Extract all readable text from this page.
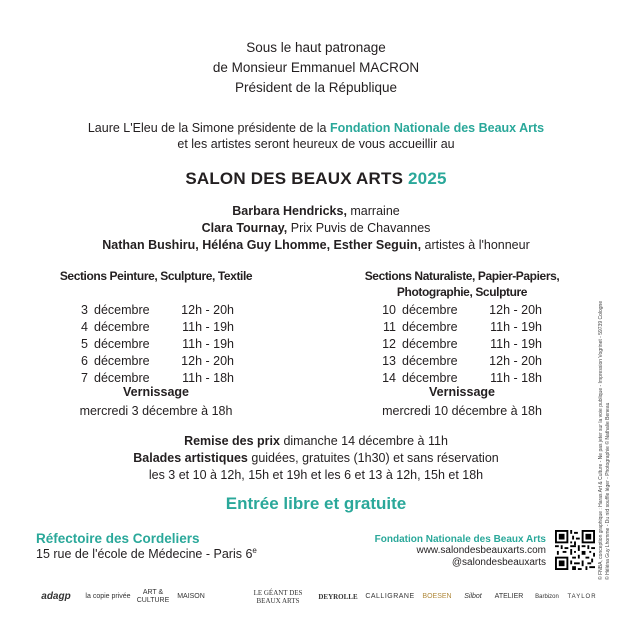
Sous le haut patronage
de Monsieur Emmanuel MACRON
Président de la République
Laure L'Eleu de la Simone présidente de la Fondation Nationale des Beaux Arts
et les artistes seront heureux de vous accueillir au
SALON DES BEAUX ARTS 2025
Barbara Hendricks, marraine
Clara Tournay, Prix Puvis de Chavannes
Nathan Bushiru, Héléna Guy Lhomme, Esther Seguin, artistes à l'honneur
Sections Peinture, Sculpture, Textile
3 décembre	12h - 20h
4 décembre	11h - 19h
5 décembre	11h - 19h
6 décembre	12h - 20h
7 décembre	11h - 18h
Vernissage
mercredi 3 décembre à 18h
Sections Naturaliste, Papier-Papiers,
Photographie, Sculpture
10 décembre	12h - 20h
11 décembre	11h - 19h
12 décembre	11h - 19h
13 décembre	12h - 20h
14 décembre	11h - 18h
Vernissage
mercredi 10 décembre à 18h
Remise des prix dimanche 14 décembre à 11h
Balades artistiques guidées, gratuites (1h30) et sans réservation
les 3 et 10 à 12h, 15h et 19h et les 6 et 13 à 12h, 15h et 18h
Entrée libre et gratuite
Réfectoire des Cordeliers
15 rue de l'école de Médecine - Paris 6e
Fondation Nationale des Beaux Arts
www.salondesbeauxarts.com
@salondesbeauxarts	© FNBA, conception graphique : Haras Art & Culture - Ne pas jeter sur la voie publique - Impression Vogrinet - 59739 Cologne © Héléna Guy Lhomme - Du nid souffle léger - Photographie © Nathalie Beneau
adagp	la copie privée
ART & CULTURE
MAISON	LE GÉANT DES BEAUX ARTS	DEYROLLE	CALLIGRANE	BOESEN	Silbot	ATELIER	Barbizon	TAYLOR
